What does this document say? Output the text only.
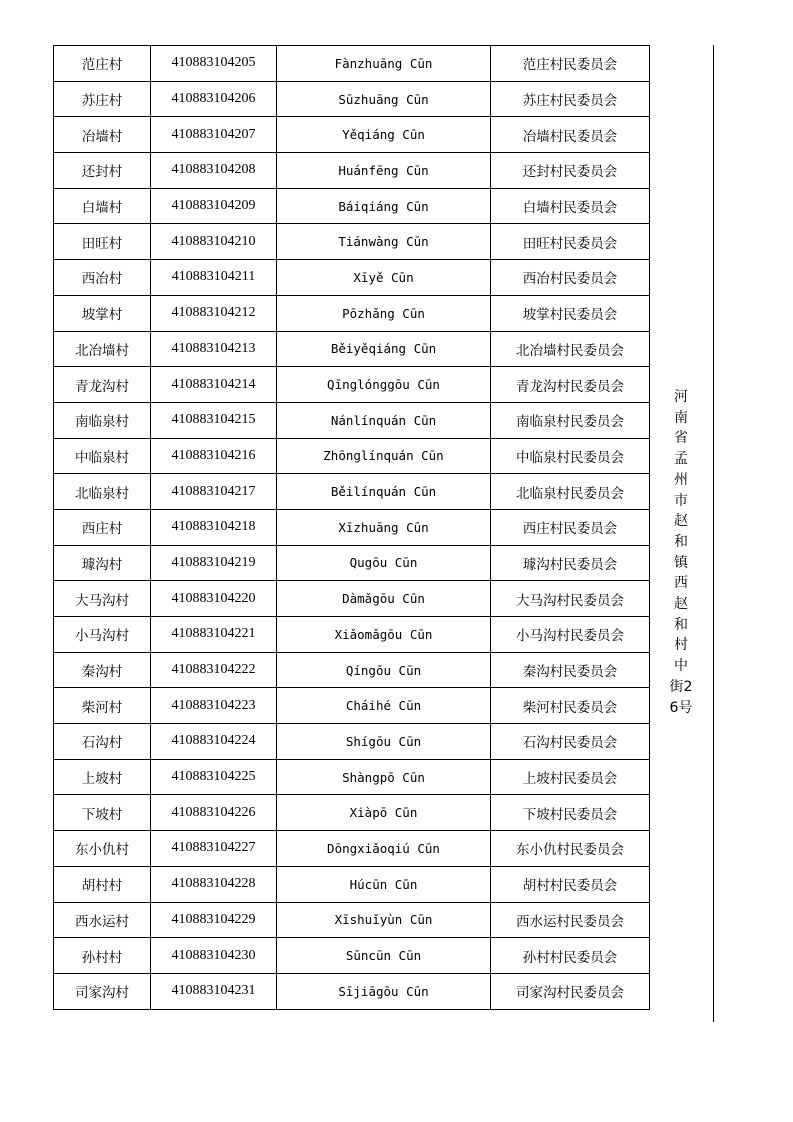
范庄村	410883104205	Fànzhuāng Cūn	范庄村民委员会
苏庄村	410883104206	Sūzhuāng Cūn	苏庄村民委员会
冶墙村	410883104207	Yěqiáng Cūn	冶墙村民委员会
还封村	410883104208	Huánfēng Cūn	还封村民委员会
白墙村	410883104209	Báiqiáng Cūn	白墙村民委员会
田旺村	410883104210	Tiánwàng Cūn	田旺村民委员会
西冶村	410883104211	Xīyě Cūn	西冶村民委员会
坡掌村	410883104212	Pōzhǎng Cūn	坡掌村民委员会
北冶墙村	410883104213	Běiyěqiáng Cūn	北冶墙村民委员会
青龙沟村	410883104214	Qīnglónggōu Cūn	青龙沟村民委员会
南临泉村	410883104215	Nánlínquán Cūn	南临泉村民委员会
中临泉村	410883104216	Zhōnglínquán Cūn	中临泉村民委员会
北临泉村	410883104217	Běilínquán Cūn	北临泉村民委员会
西庄村	410883104218	Xīzhuāng Cūn	西庄村民委员会
璩沟村	410883104219	Qugōu Cūn	璩沟村民委员会
大马沟村	410883104220	Dàmǎgōu Cūn	大马沟村民委员会
小马沟村	410883104221	Xiǎomǎgōu Cūn	小马沟村民委员会
秦沟村	410883104222	Qíngōu Cūn	秦沟村民委员会
柴河村	410883104223	Cháihé Cūn	柴河村民委员会
石沟村	410883104224	Shígōu Cūn	石沟村民委员会
上坡村	410883104225	Shàngpō Cūn	上坡村民委员会
下坡村	410883104226	Xiàpō Cūn	下坡村民委员会
东小仇村	410883104227	Dōngxiǎoqiú Cūn	东小仇村民委员会
胡村村	410883104228	Húcūn Cūn	胡村村民委员会
西水运村	410883104229	Xīshuǐyùn Cūn	西水运村民委员会
孙村村	410883104230	Sūncūn Cūn	孙村村民委员会
司家沟村	410883104231	Sījiāgōu Cūn	司家沟村民委员会
河南省孟州市赵和镇西赵和村中街26号
